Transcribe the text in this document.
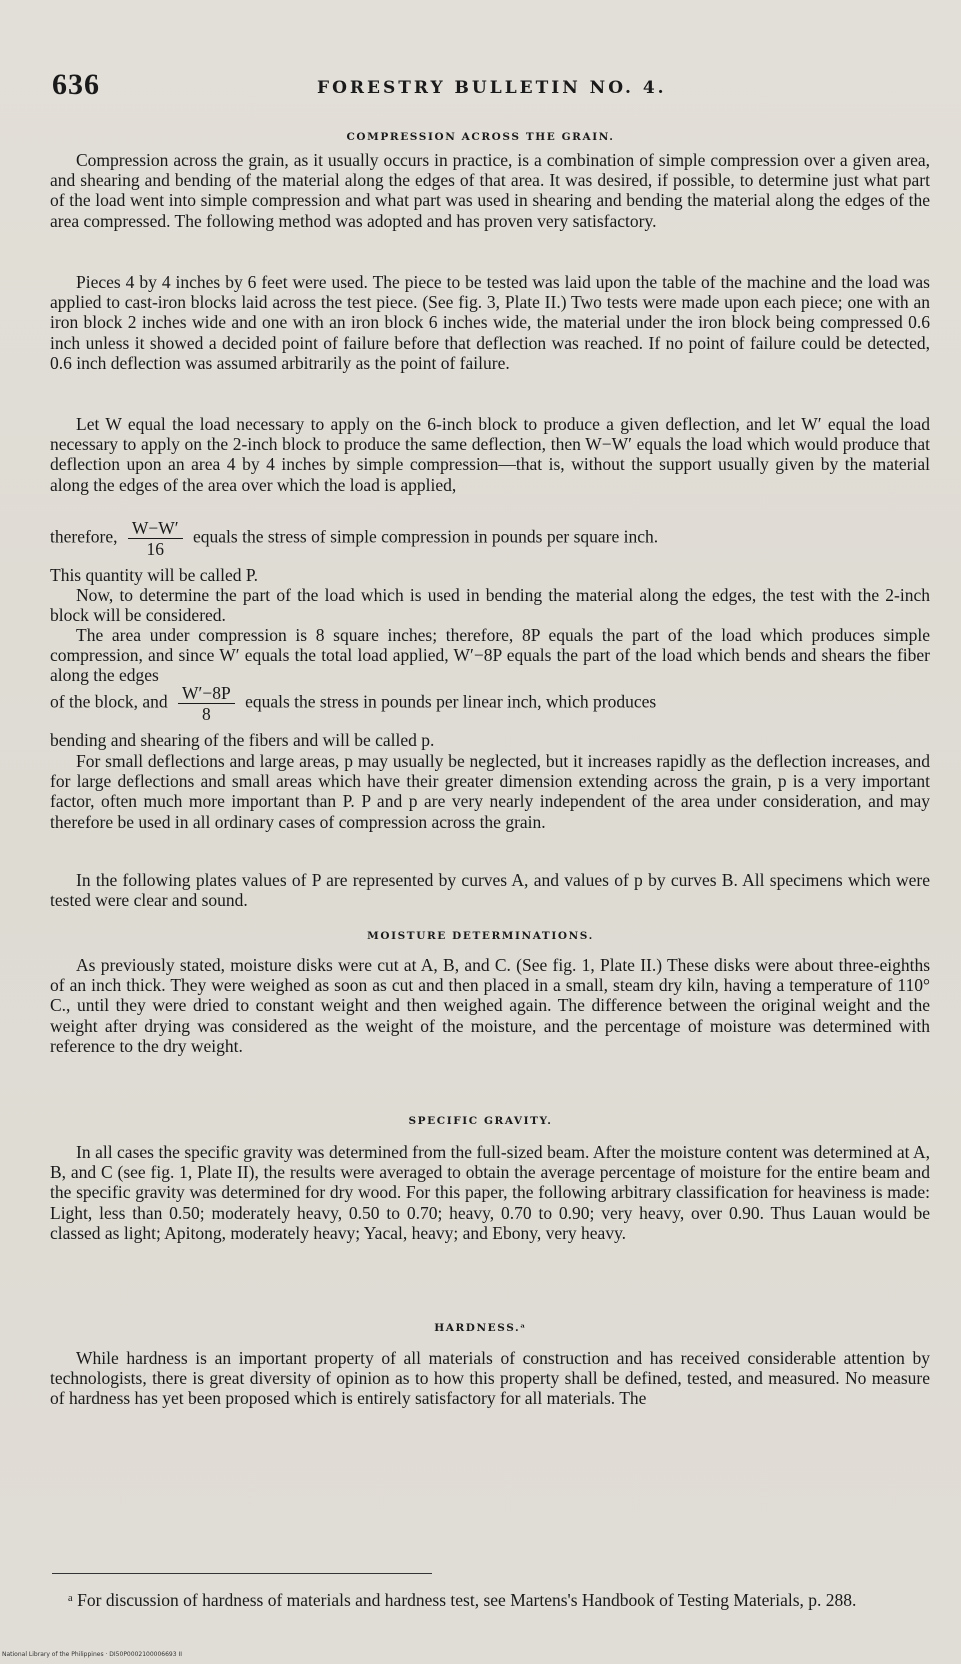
636	FORESTRY BULLETIN NO. 4.
COMPRESSION ACROSS THE GRAIN.

Compression across the grain, as it usually occurs in practice, is a combination of simple compression over a given area, and shearing and bending of the material along the edges of that area. It was desired, if possible, to determine just what part of the load went into simple compression and what part was used in shearing and bending the material along the edges of the area compressed. The following method was adopted and has proven very satisfactory.

Pieces 4 by 4 inches by 6 feet were used. The piece to be tested was laid upon the table of the machine and the load was applied to cast-iron blocks laid across the test piece. (See fig. 3, Plate II.) Two tests were made upon each piece; one with an iron block 2 inches wide and one with an iron block 6 inches wide, the material under the iron block being compressed 0.6 inch unless it showed a decided point of failure before that deflection was reached. If no point of failure could be detected, 0.6 inch deflection was assumed arbitrarily as the point of failure.

Let W equal the load necessary to apply on the 6-inch block to produce a given deflection, and let W′ equal the load necessary to apply on the 2-inch block to produce the same deflection, then W−W′ equals the load which would produce that deflection upon an area 4 by 4 inches by simple compression—that is, without the support usually given by the material along the edges of the area over which the load is applied,

therefore, $\frac{W-W'}{16}$ equals the stress of simple compression in pounds per square inch.

This quantity will be called P.

Now, to determine the part of the load which is used in bending the material along the edges, the test with the 2-inch block will be considered.

The area under compression is 8 square inches; therefore, 8P equals the part of the load which produces simple compression, and since W′ equals the total load applied, W′−8P equals the part of the load which bends and shears the fiber along the edges

of the block, and $\frac{W'-8P}{8}$ equals the stress in pounds per linear inch, which produces

bending and shearing of the fibers and will be called p.

For small deflections and large areas, p may usually be neglected, but it increases rapidly as the deflection increases, and for large deflections and small areas which have their greater dimension extending across the grain, p is a very important factor, often much more important than P. P and p are very nearly independent of the area under consideration, and may therefore be used in all ordinary cases of compression across the grain.

In the following plates values of P are represented by curves A, and values of p by curves B. All specimens which were tested were clear and sound.

MOISTURE DETERMINATIONS.

As previously stated, moisture disks were cut at A, B, and C. (See fig. 1, Plate II.) These disks were about three-eighths of an inch thick. They were weighed as soon as cut and then placed in a small, steam dry kiln, having a temperature of 110° C., until they were dried to constant weight and then weighed again. The difference between the original weight and the weight after drying was considered as the weight of the moisture, and the percentage of moisture was determined with reference to the dry weight.

SPECIFIC GRAVITY.

In all cases the specific gravity was determined from the full-sized beam. After the moisture content was determined at A, B, and C (see fig. 1, Plate II), the results were averaged to obtain the average percentage of moisture for the entire beam and the specific gravity was determined for dry wood. For this paper, the following arbitrary classification for heaviness is made: Light, less than 0.50; moderately heavy, 0.50 to 0.70; heavy, 0.70 to 0.90; very heavy, over 0.90. Thus Lauan would be classed as light; Apitong, moderately heavy; Yacal, heavy; and Ebony, very heavy.

HARDNESS.ᵃ

While hardness is an important property of all materials of construction and has received considerable attention by technologists, there is great diversity of opinion as to how this property shall be defined, tested, and measured. No measure of hardness has yet been proposed which is entirely satisfactory for all materials. The

ᵃ For discussion of hardness of materials and hardness test, see Martens's Handbook of Testing Materials, p. 288.

National Library of the Philippines · DI50P0002100006693 II
